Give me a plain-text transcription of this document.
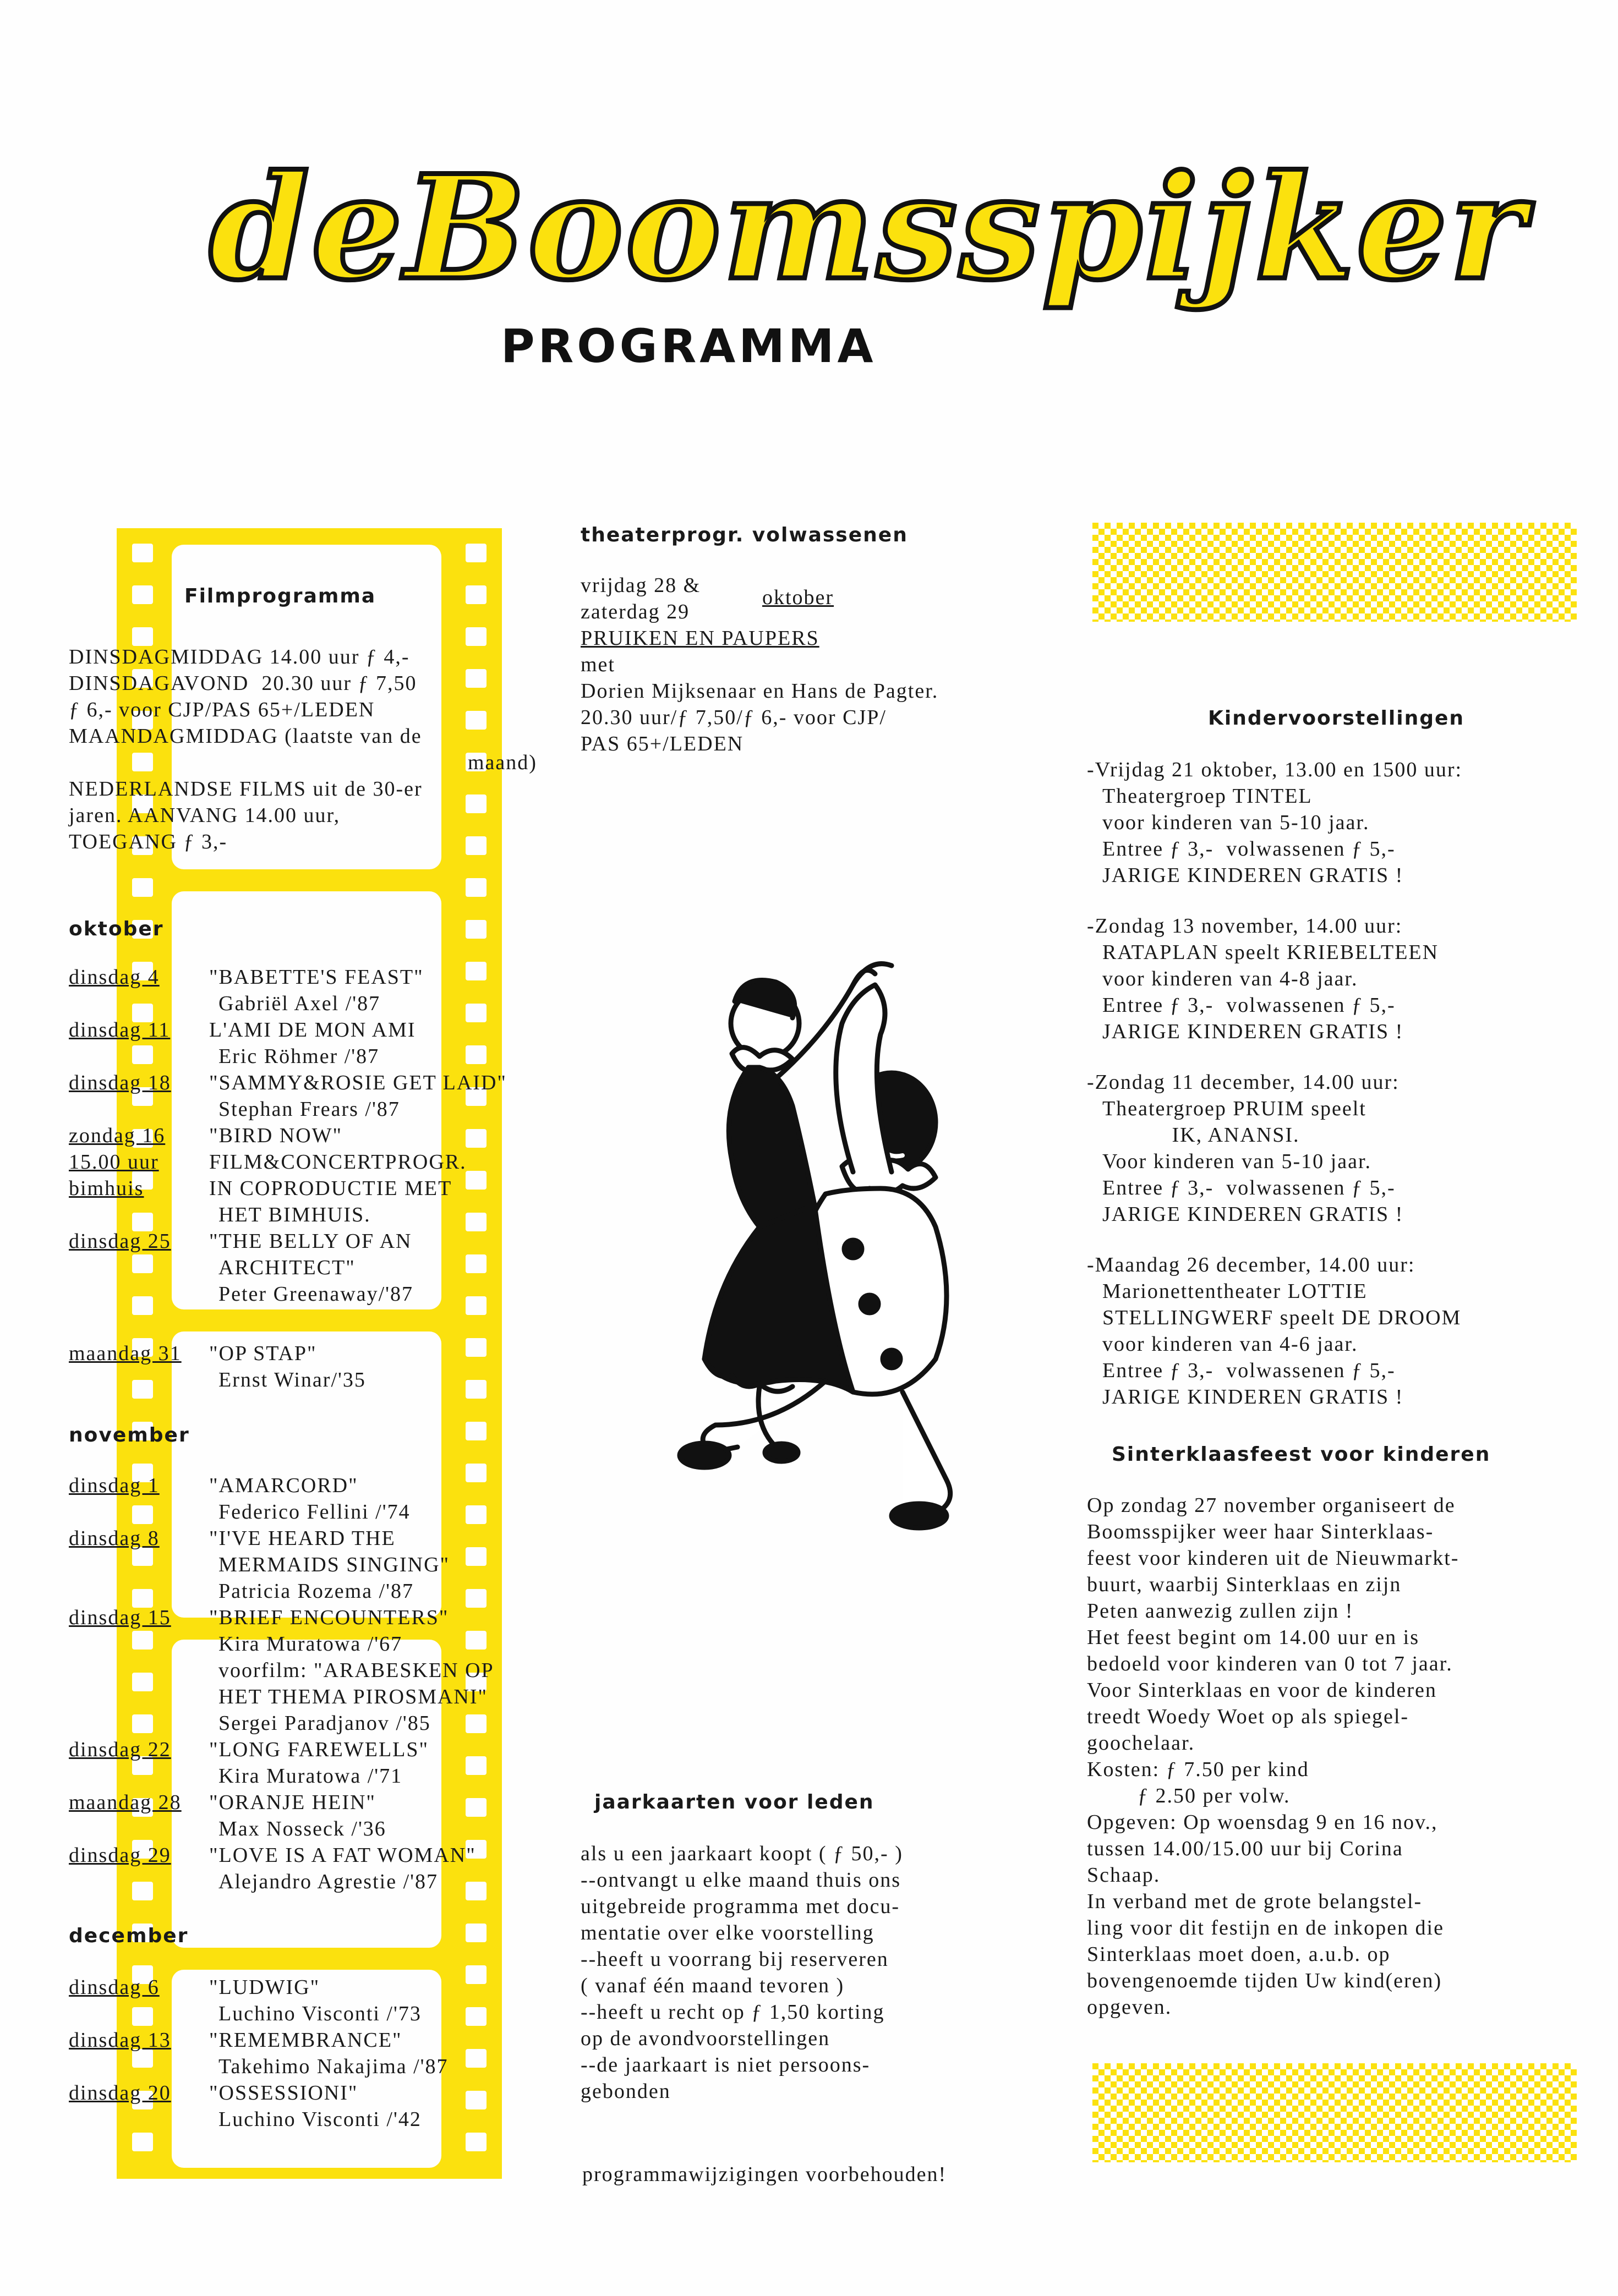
deBoomsspijker
PROGRAMMA
Filmprogramma
DINSDAGMIDDAG 14.00 uur ƒ 4,-
DINSDAGAVOND  20.30 uur ƒ 7,50
ƒ 6,- voor CJP/PAS 65+/LEDEN
MAANDAGMIDDAG (laatste van de
maand)
NEDERLANDSE FILMS uit de 30-er
jaren. AANVANG 14.00 uur,
TOEGANG ƒ 3,-
oktober
dinsdag 4 "BABETTE'S FEAST"
Gabriël Axel /'87
dinsdag 11 L'AMI DE MON AMI
Eric Röhmer /'87
dinsdag 18 "SAMMY&ROSIE GET LAID"
Stephan Frears /'87
zondag 16 "BIRD NOW"
15.00 uur FILM&CONCERTPROGR.
bimhuis	IN COPRODUCTIE MET
HET BIMHUIS.
dinsdag 25 "THE BELLY OF AN
ARCHITECT"
Peter Greenaway/'87
maandag 31 "OP STAP"
Ernst Winar/'35
november
dinsdag 1 "AMARCORD"
Federico Fellini /'74
dinsdag 8 "I'VE HEARD THE
MERMAIDS SINGING"
Patricia Rozema /'87
dinsdag 15 "BRIEF ENCOUNTERS"
Kira Muratowa /'67
voorfilm: "ARABESKEN OP
HET THEMA PIROSMANI"
Sergei Paradjanov /'85
dinsdag 22 "LONG FAREWELLS"
Kira Muratowa /'71
maandag 28 "ORANJE HEIN"
Max Nosseck /'36
dinsdag 29 "LOVE IS A FAT WOMAN"
Alejandro Agrestie /'87
december
dinsdag 6 "LUDWIG"
Luchino Visconti /'73
dinsdag 13 "REMEMBRANCE"
Takehimo Nakajima /'87
dinsdag 20 "OSSESSIONI"
Luchino Visconti /'42
theaterprogr. volwassenen
vrijdag 28 &
zaterdag 29
oktober
PRUIKEN EN PAUPERS
met
Dorien Mijksenaar en Hans de Pagter.
20.30 uur/ƒ 7,50/ƒ 6,- voor CJP/
PAS 65+/LEDEN
jaarkaarten voor leden
als u een jaarkaart koopt ( ƒ 50,- )
--ontvangt u elke maand thuis ons
uitgebreide programma met docu-
mentatie over elke voorstelling
--heeft u voorrang bij reserveren
( vanaf één maand tevoren )
--heeft u recht op ƒ 1,50 korting
op de avondvoorstellingen
--de jaarkaart is niet persoons-
gebonden
programmawijzigingen voorbehouden!
Kindervoorstellingen
-Vrijdag 21 oktober, 13.00 en 1500 uur:
Theatergroep TINTEL
voor kinderen van 5-10 jaar.
Entree ƒ 3,-  volwassenen ƒ 5,-
JARIGE KINDEREN GRATIS !
-Zondag 13 november, 14.00 uur:
RATAPLAN speelt KRIEBELTEEN
voor kinderen van 4-8 jaar.
Entree ƒ 3,-  volwassenen ƒ 5,-
JARIGE KINDEREN GRATIS !
-Zondag 11 december, 14.00 uur:
Theatergroep PRUIM speelt
IK, ANANSI.
Voor kinderen van 5-10 jaar.
Entree ƒ 3,-  volwassenen ƒ 5,-
JARIGE KINDEREN GRATIS !
-Maandag 26 december, 14.00 uur:
Marionettentheater LOTTIE
STELLINGWERF speelt DE DROOM
voor kinderen van 4-6 jaar.
Entree ƒ 3,-  volwassenen ƒ 5,-
JARIGE KINDEREN GRATIS !
Sinterklaasfeest voor kinderen
Op zondag 27 november organiseert de
Boomsspijker weer haar Sinterklaas-
feest voor kinderen uit de Nieuwmarkt-
buurt, waarbij Sinterklaas en zijn
Peten aanwezig zullen zijn !
Het feest begint om 14.00 uur en is
bedoeld voor kinderen van 0 tot 7 jaar.
Voor Sinterklaas en voor de kinderen
treedt Woedy Woet op als spiegel-
goochelaar.
Kosten: ƒ 7.50 per kind
ƒ 2.50 per volw.
Opgeven: Op woensdag 9 en 16 nov.,
tussen 14.00/15.00 uur bij Corina
Schaap.
In verband met de grote belangstel-
ling voor dit festijn en de inkopen die
Sinterklaas moet doen, a.u.b. op
bovengenoemde tijden Uw kind(eren)
opgeven.
